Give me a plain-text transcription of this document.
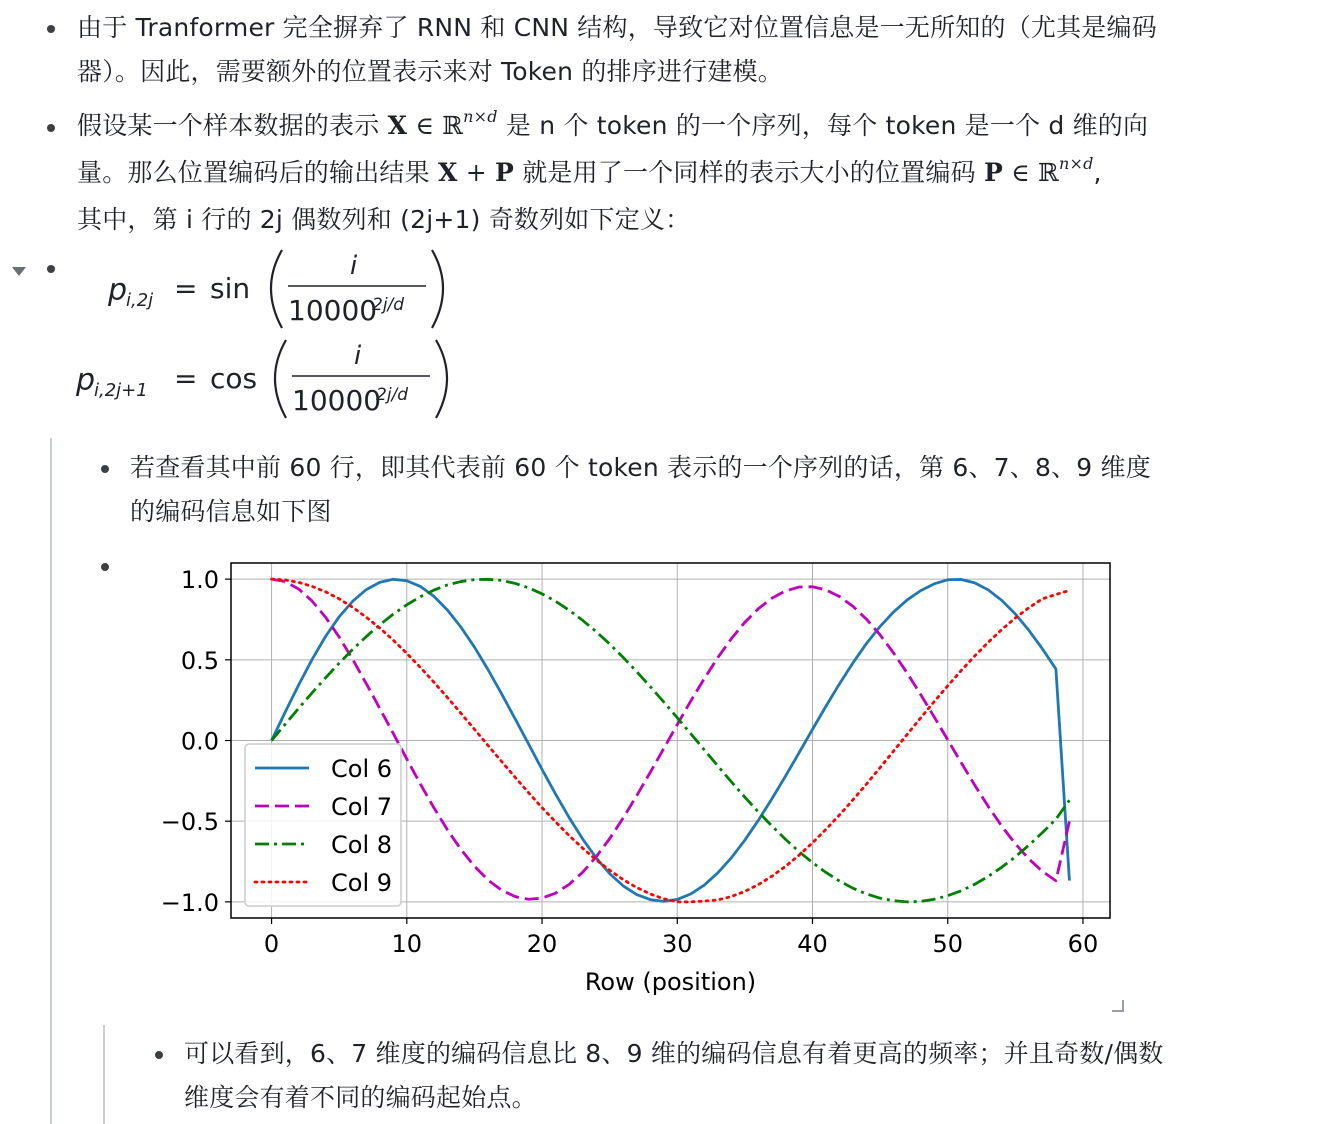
由于 Tranformer 完全摒弃了 RNN 和 CNN 结构，导致它对位置信息是一无所知的（尤其是编码
器）。因此，需要额外的位置表示来对 Token 的排序进行建模。
假设某一个样本数据的表示 X ∈ ℝ$^{n\times d}$ 是 n 个 token 的一个序列，每个 token 是一个 d 维的向
量。那么位置编码后的输出结果 X + P 就是用了一个同样的表示大小的位置编码 P ∈ ℝ$^{n\times d}$,
其中，第 i 行的 2j 偶数列和 (2j+1) 奇数列如下定义：
p
i,2j = sin
i
10000
2j/d
p
i,2j+1 = cos
i
10000
2j/d
若查看其中前 60 行，即其代表前 60 个 token 表示的一个序列的话，第 6、7、8、9 维度
的编码信息如下图
0	10	20	30	40	50	60
1.0
0.5
0.0
−0.5
−1.0
Row (position)
Col 6
Col 7
Col 8
Col 9
可以看到，6、7 维度的编码信息比 8、9 维的编码信息有着更高的频率；并且奇数/偶数
维度会有着不同的编码起始点。
